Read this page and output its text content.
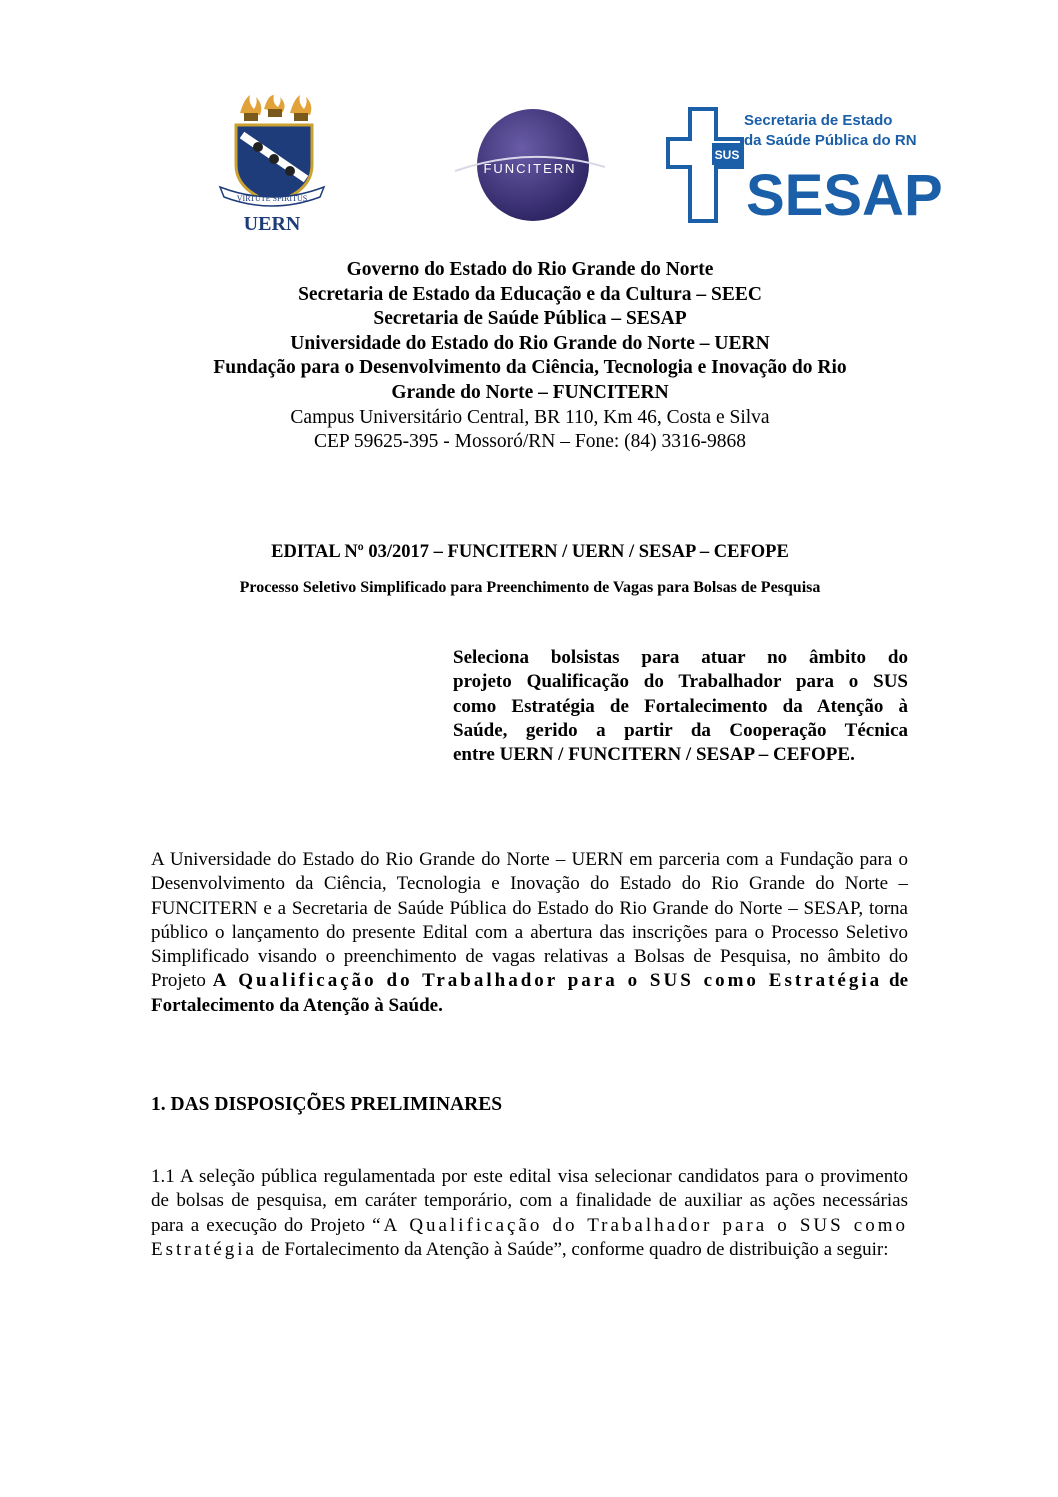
VIRTUTE SPIRITUS
UERN
FUNCITERN
SUS
Secretaria de Estado
da Saúde Pública do RN
SESAP
Governo do Estado do Rio Grande do Norte
Secretaria de Estado da Educação e da Cultura – SEEC
Secretaria de Saúde Pública – SESAP
Universidade do Estado do Rio Grande do Norte – UERN
Fundação para o Desenvolvimento da Ciência, Tecnologia e Inovação do Rio
Grande do Norte – FUNCITERN
Campus Universitário Central, BR 110, Km 46, Costa e Silva
CEP 59625-395 - Mossoró/RN – Fone: (84) 3316-9868
EDITAL Nº 03/2017 – FUNCITERN / UERN / SESAP – CEFOPE
Processo Seletivo Simplificado para Preenchimento de Vagas para Bolsas de Pesquisa
Seleciona bolsistas para atuar no âmbito do
projeto Qualificação do Trabalhador para o SUS
como Estratégia de Fortalecimento da Atenção à
Saúde, gerido a partir da Cooperação Técnica
entre UERN / FUNCITERN / SESAP – CEFOPE.
A Universidade do Estado do Rio Grande do Norte – UERN em parceria com a Fundação para o Desenvolvimento da Ciência, Tecnologia e Inovação do Estado do Rio Grande do Norte – FUNCITERN e a Secretaria de Saúde Pública do Estado do Rio Grande do Norte – SESAP, torna público o lançamento do presente Edital com a abertura das inscrições para o Processo Seletivo Simplificado visando o preenchimento de vagas relativas a Bolsas de Pesquisa, no âmbito do Projeto A Qualificação do Trabalhador para o SUS como Estratégia de Fortalecimento da Atenção à Saúde.
1. DAS DISPOSIÇÕES PRELIMINARES
1.1 A seleção pública regulamentada por este edital visa selecionar candidatos para o provimento de bolsas de pesquisa, em caráter temporário, com a finalidade de auxiliar as ações necessárias para a execução do Projeto “A Qualificação do Trabalhador para o SUS como Estratégia de Fortalecimento da Atenção à Saúde”, conforme quadro de distribuição a seguir:
